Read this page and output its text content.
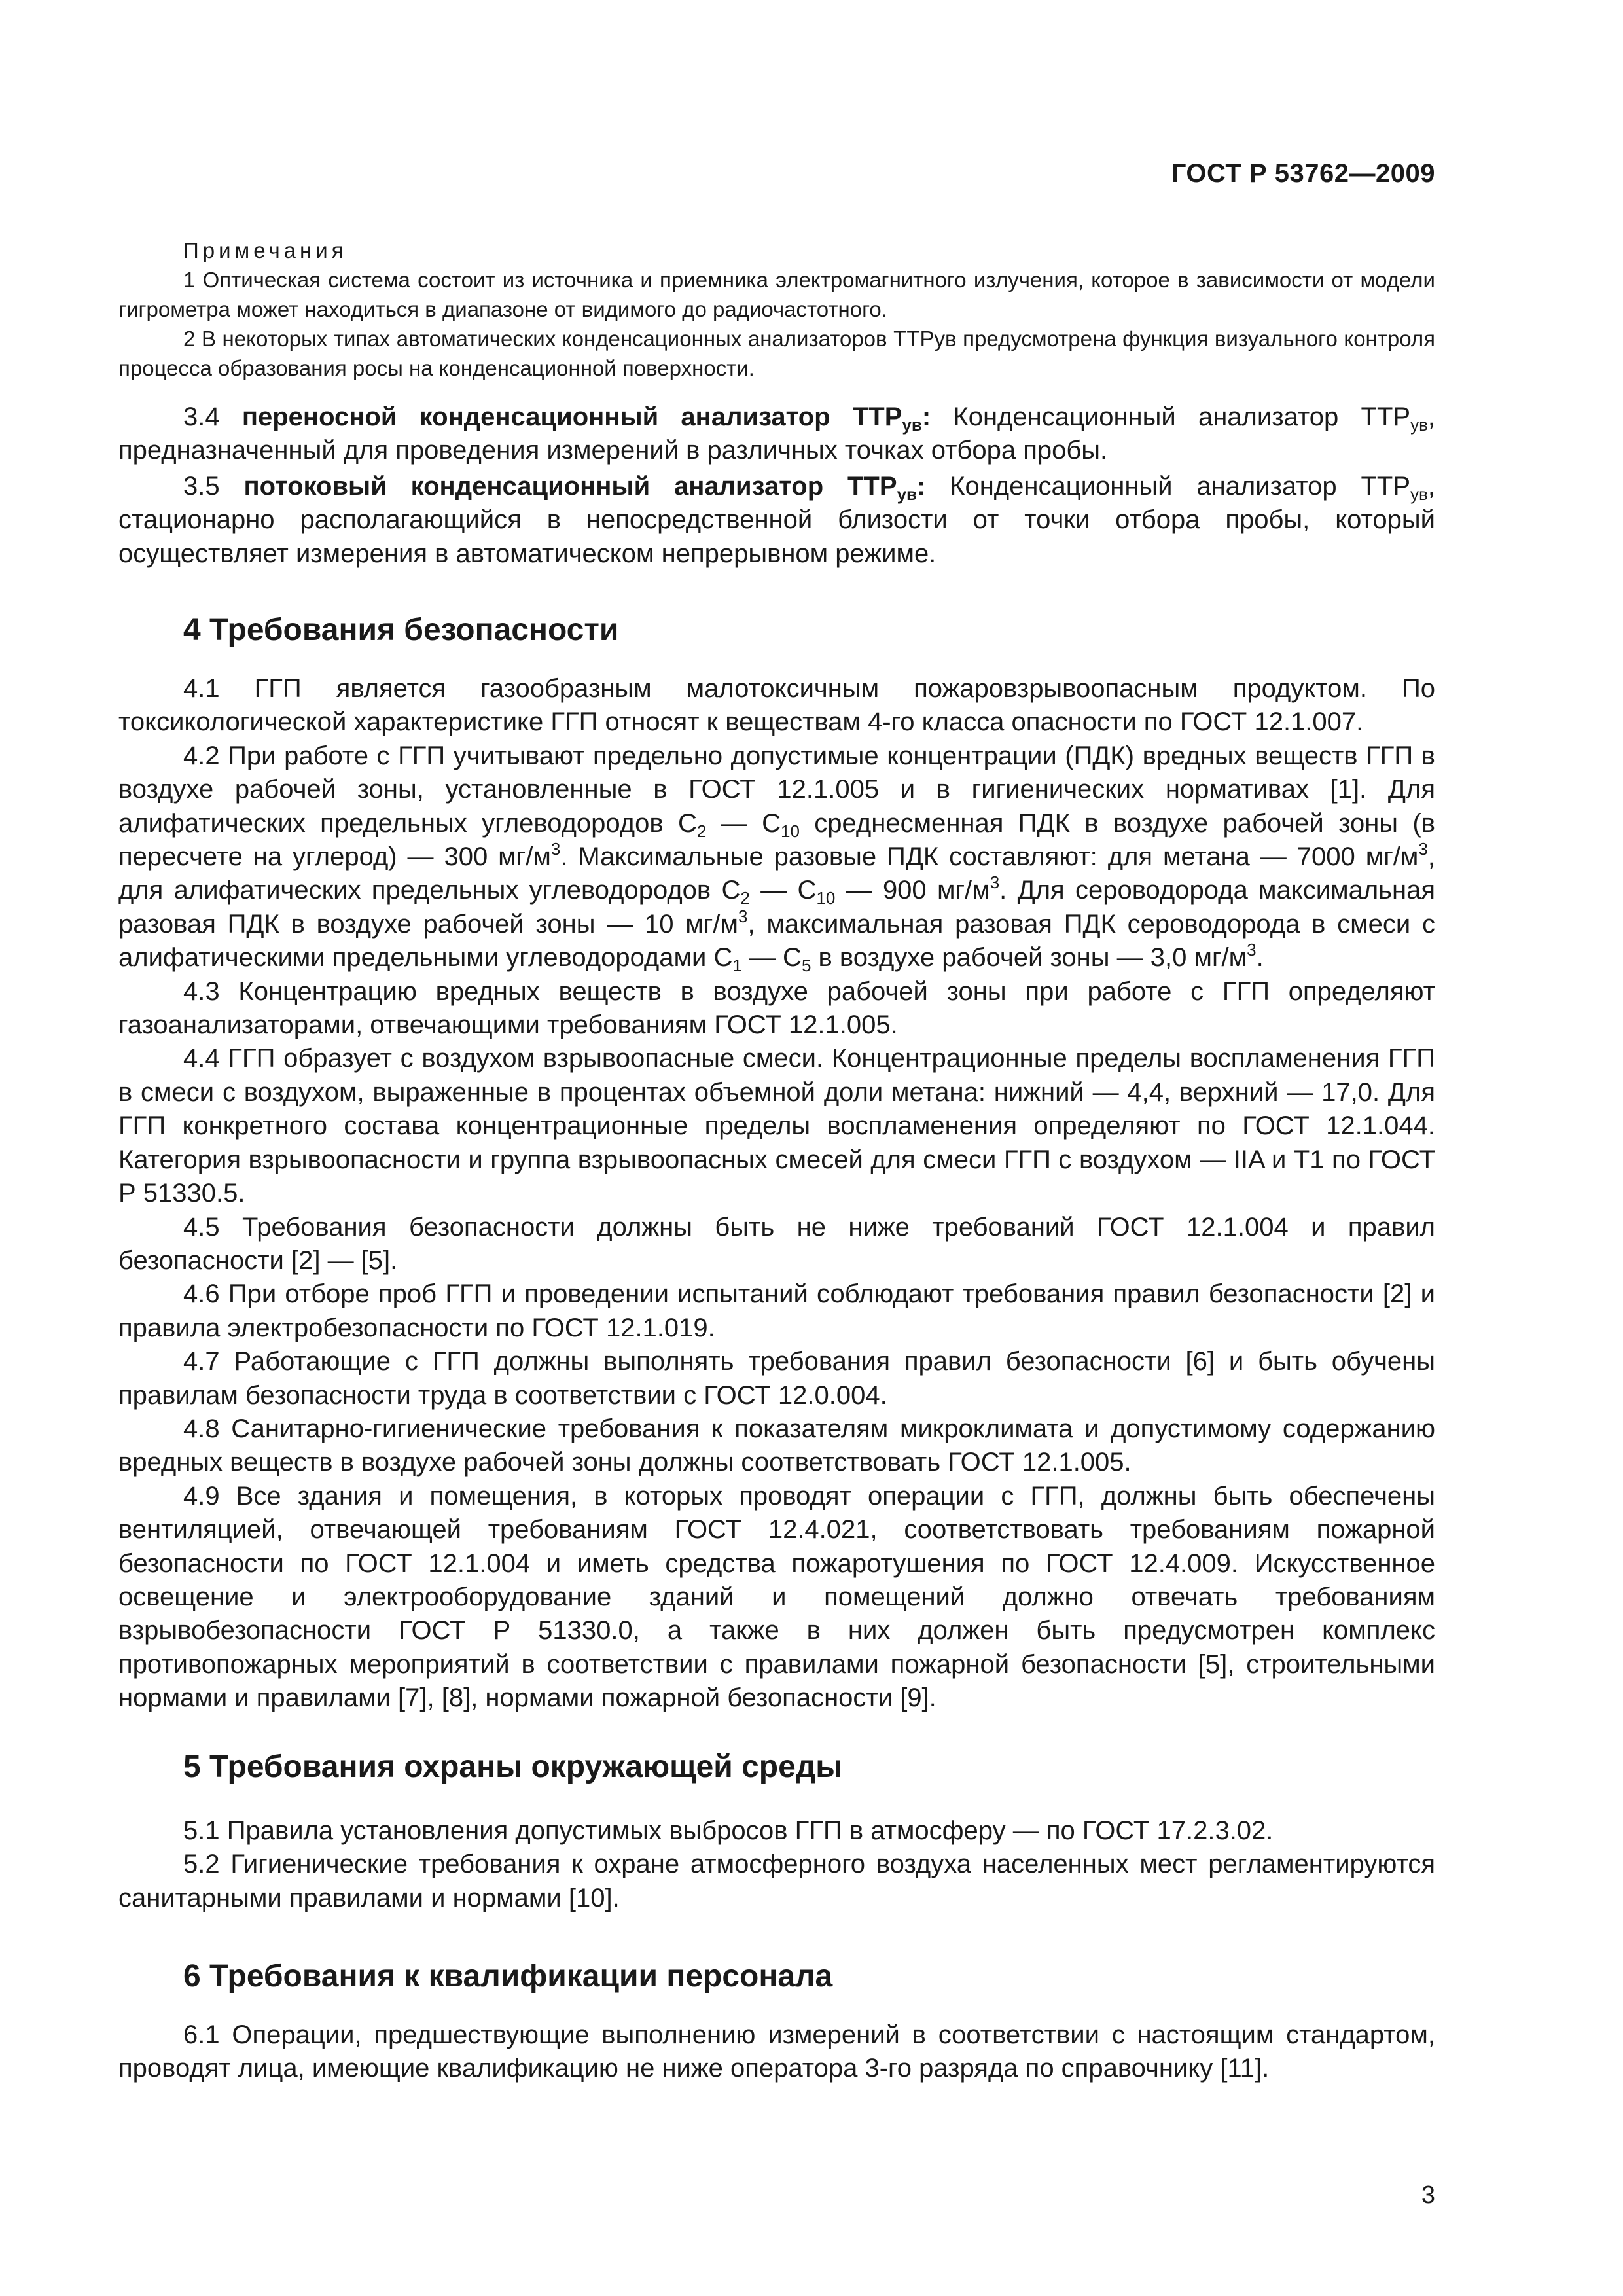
ГОСТ Р 53762—2009
Примечания
1 Оптическая система состоит из источника и приемника электромагнитного излучения, которое в зависимости от модели гигрометра может находиться в диапазоне от видимого до радиочастотного.
2 В некоторых типах автоматических конденсационных анализаторов ТТРув предусмотрена функция визуального контроля процесса образования росы на конденсационной поверхности.

3.4 переносной конденсационный анализатор $ТТР_{ув}$: Конденсационный анализатор $ТТР_{ув}$, предназначенный для проведения измерений в различных точках отбора пробы.

3.5 потоковый конденсационный анализатор $ТТР_{ув}$: Конденсационный анализатор $ТТР_{ув}$, стационарно располагающийся в непосредственной близости от точки отбора пробы, который осуществляет измерения в автоматическом непрерывном режиме.

4 Требования безопасности

4.1 ГГП является газообразным малотоксичным пожаровзрывоопасным продуктом. По токсикологической характеристике ГГП относят к веществам 4-го класса опасности по ГОСТ 12.1.007.

4.2 При работе с ГГП учитывают предельно допустимые концентрации (ПДК) вредных веществ ГГП в воздухе рабочей зоны, установленные в ГОСТ 12.1.005 и в гигиенических нормативах [1]. Для алифатических предельных углеводородов $С_2$ — $С_{10}$ среднесменная ПДК в воздухе рабочей зоны (в пересчете на углерод) — 300 $мг/м^3$. Максимальные разовые ПДК составляют: для метана — 7000 $мг/м^3$, для алифатических предельных углеводородов $С_2$ — $С_{10}$ — 900 $мг/м^3$. Для сероводорода максимальная разовая ПДК в воздухе рабочей зоны — 10 $мг/м^3$, максимальная разовая ПДК сероводорода в смеси с алифатическими предельными углеводородами $С_1$ — $С_5$ в воздухе рабочей зоны — 3,0 $мг/м^3$.

4.3 Концентрацию вредных веществ в воздухе рабочей зоны при работе с ГГП определяют газоанализаторами, отвечающими требованиям ГОСТ 12.1.005.

4.4 ГГП образует с воздухом взрывоопасные смеси. Концентрационные пределы воспламенения ГГП в смеси с воздухом, выраженные в процентах объемной доли метана: нижний — 4,4, верхний — 17,0. Для ГГП конкретного состава концентрационные пределы воспламенения определяют по ГОСТ 12.1.044. Категория взрывоопасности и группа взрывоопасных смесей для смеси ГГП с воздухом — IIA и Т1 по ГОСТ Р 51330.5.

4.5 Требования безопасности должны быть не ниже требований ГОСТ 12.1.004 и правил безопасности [2] — [5].

4.6 При отборе проб ГГП и проведении испытаний соблюдают требования правил безопасности [2] и правила электробезопасности по ГОСТ 12.1.019.

4.7 Работающие с ГГП должны выполнять требования правил безопасности [6] и быть обучены правилам безопасности труда в соответствии с ГОСТ 12.0.004.

4.8 Санитарно-гигиенические требования к показателям микроклимата и допустимому содержанию вредных веществ в воздухе рабочей зоны должны соответствовать ГОСТ 12.1.005.

4.9 Все здания и помещения, в которых проводят операции с ГГП, должны быть обеспечены вентиляцией, отвечающей требованиям ГОСТ 12.4.021, соответствовать требованиям пожарной безопасности по ГОСТ 12.1.004 и иметь средства пожаротушения по ГОСТ 12.4.009. Искусственное освещение и электрооборудование зданий и помещений должно отвечать требованиям взрывобезопасности ГОСТ Р 51330.0, а также в них должен быть предусмотрен комплекс противопожарных мероприятий в соответствии с правилами пожарной безопасности [5], строительными нормами и правилами [7], [8], нормами пожарной безопасности [9].

5 Требования охраны окружающей среды

5.1 Правила установления допустимых выбросов ГГП в атмосферу — по ГОСТ 17.2.3.02.

5.2 Гигиенические требования к охране атмосферного воздуха населенных мест регламентируются санитарными правилами и нормами [10].

6 Требования к квалификации персонала

6.1 Операции, предшествующие выполнению измерений в соответствии с настоящим стандартом, проводят лица, имеющие квалификацию не ниже оператора 3-го разряда по справочнику [11].

3
